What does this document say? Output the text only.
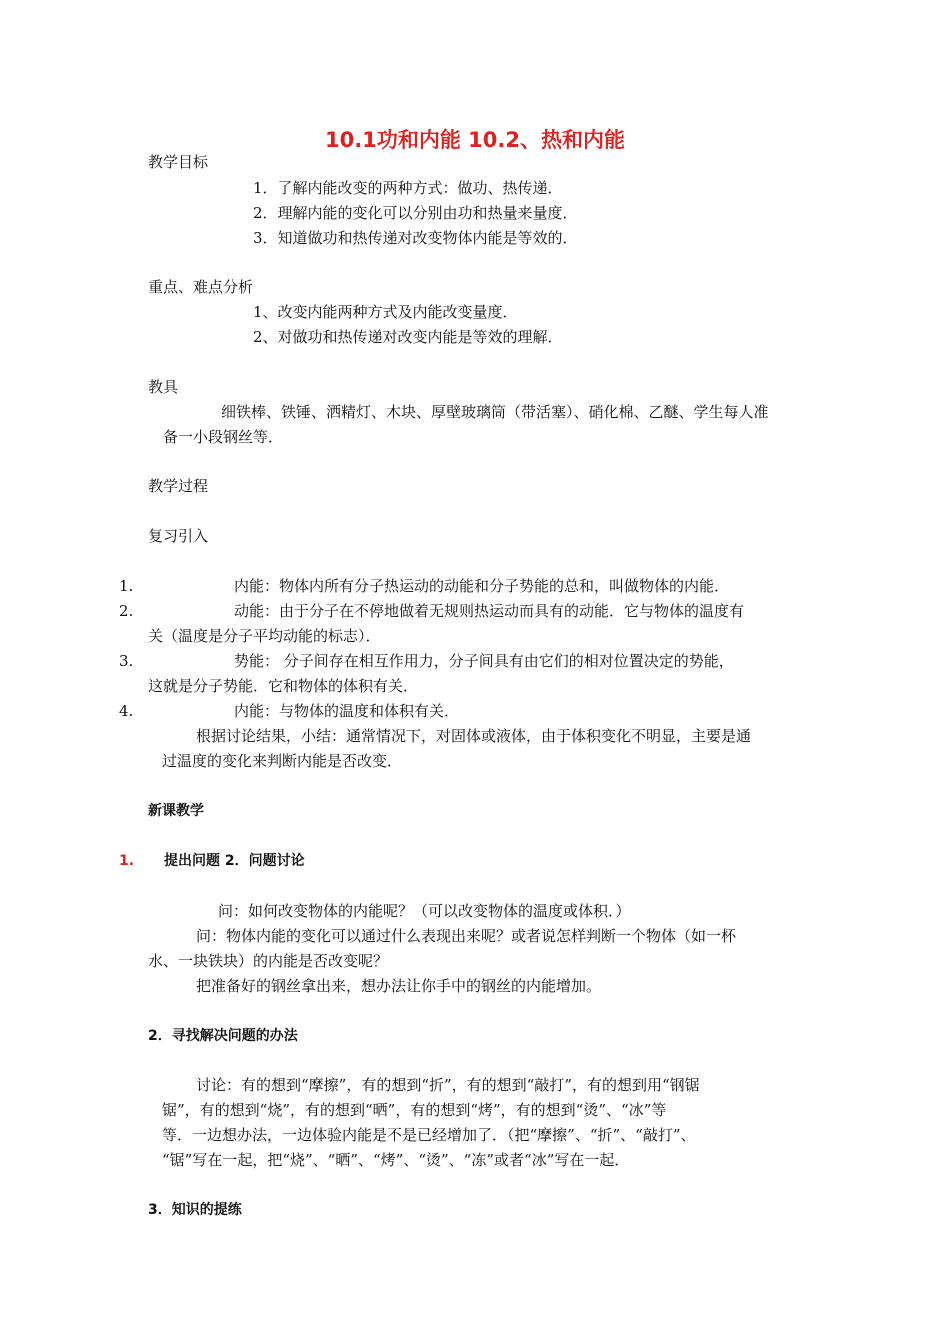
10.1功和内能 10.2、热和内能
教学目标
1．了解内能改变的两种方式：做功、热传递．
2．理解内能的变化可以分别由功和热量来量度．
3．知道做功和热传递对改变物体内能是等效的．
重点、难点分析
1、改变内能两种方式及内能改变量度．
2、对做功和热传递对改变内能是等效的理解．
教具
细铁棒、铁锤、洒精灯、木块、厚壁玻璃筒（带活塞）、硝化棉、乙醚、学生每人准
备一小段钢丝等．
教学过程
复习引入
1.	内能：物体内所有分子热运动的动能和分子势能的总和，叫做物体的内能．
2.	动能：由于分子在不停地做着无规则热运动而具有的动能．它与物体的温度有
关（温度是分子平均动能的标志）．
3.	势能： 分子间存在相互作用力，分子间具有由它们的相对位置决定的势能，
这就是分子势能．它和物体的体积有关．
4.	内能：与物体的温度和体积有关．
根据讨论结果，小结：通常情况下，对固体或液体，由于体积变化不明显，主要是通
过温度的变化来判断内能是否改变．
新课教学
1. 提出问题 2．问题讨论
问：如何改变物体的内能呢？（可以改变物体的温度或体积．）
问：物体内能的变化可以通过什么表现出来呢？或者说怎样判断一个物体（如一杯
水、一块铁块）的内能是否改变呢？
把准备好的钢丝拿出来，想办法让你手中的钢丝的内能增加。
2．寻找解决问题的办法
讨论：有的想到“摩擦”，有的想到“折”，有的想到“敲打”，有的想到用“钢锯
锯”，有的想到“烧”，有的想到“晒”，有的想到“烤”，有的想到“烫”、“冰”等
等．一边想办法，一边体验内能是不是已经增加了．（把“摩擦”、“折”、“敲打”、
“锯”写在一起，把“烧”、“晒”、“烤”、“烫”、“冻”或者“冰”写在一起．
3．知识的提练
